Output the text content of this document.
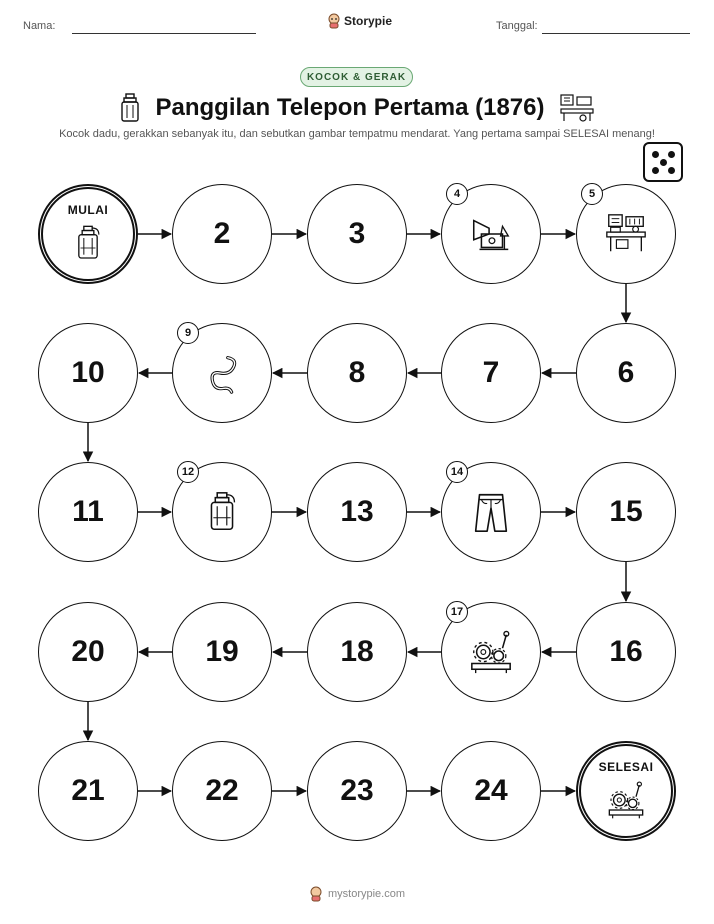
Nama:	Storypie	Tanggal:
KOCOK & GERAK
Panggilan Telepon Pertama (1876)
Kocok dadu, gerakkan sebanyak itu, dan sebutkan gambar tempatmu mendarat. Yang pertama sampai SELESAI menang!
MULAI
2	3
4	5
6
7
8
9
10
11
12
13
14
15
16
17
18
19
20
21	22	23	24
SELESAI
mystorypie.com
